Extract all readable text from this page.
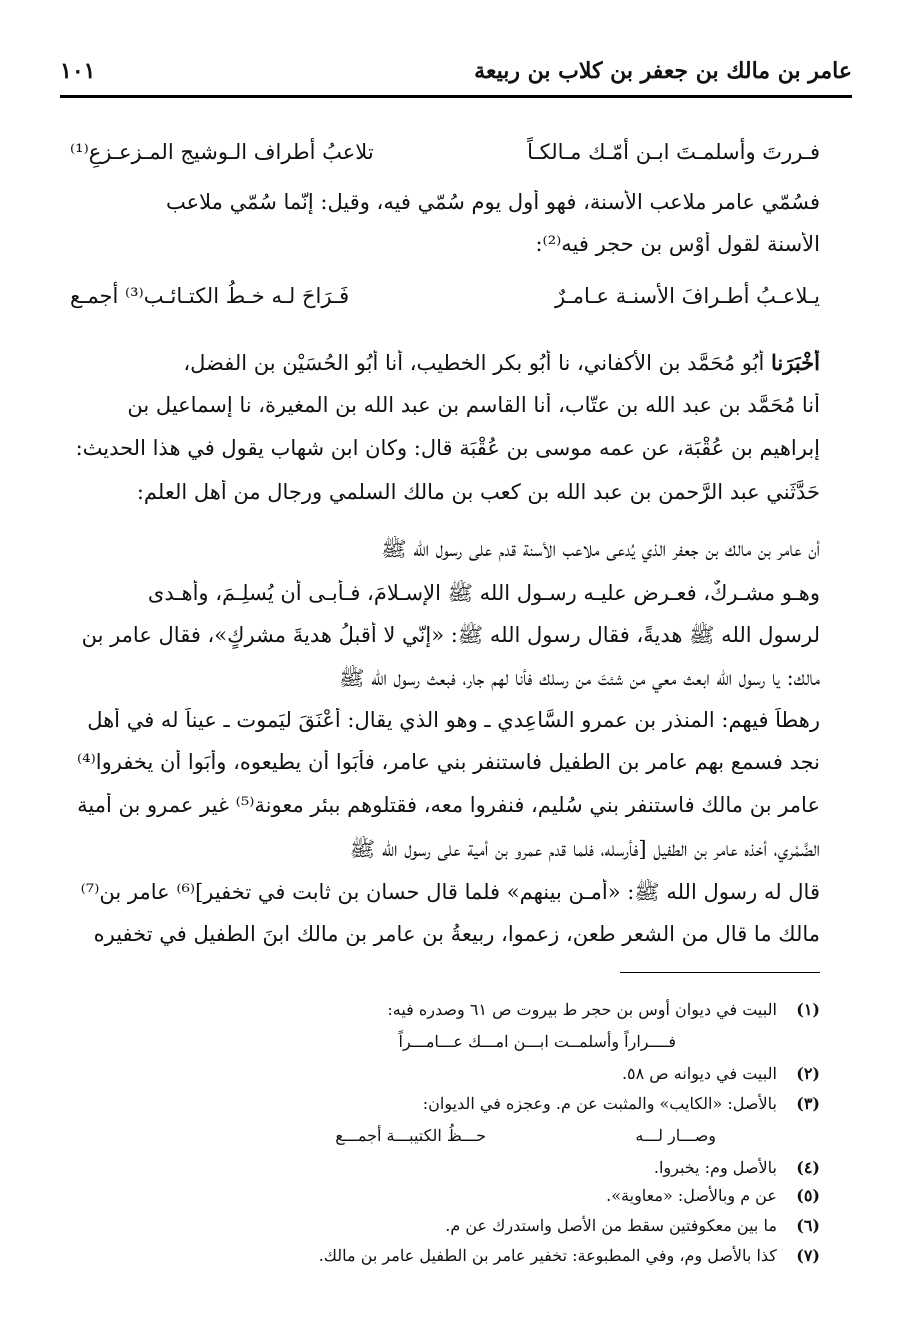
عامر بن مالك بن جعفر بن كلاب بن ربيعة
١٠١
فـررتَ وأسلمـتَ ابـن أمّـك مـالكـاً
تلاعبُ أطراف الـوشيج المـزعـزعِ⁽¹⁾
فسُمّي عامر ملاعب الأسنة، فهو أول يوم سُمّي فيه، وقيل: إنّما سُمّي ملاعب
الأسنة لقول أَوْس بن حجر فيه⁽²⁾:
يـلاعـبُ أطـرافَ الأسنـة عـامـرٌ
فَـرَاحَ لـه خـطُ الكتـائـب⁽³⁾ أجمـع
أَخْبَرَنا أَبُو مُحَمَّد بن الأكفاني، نا أَبُو بكر الخطيب، أنا أَبُو الحُسَيْن بن الفضل،
أنا مُحَمَّد بن عبد الله بن عتّاب، أنا القاسم بن عبد الله بن المغيرة، نا إسماعيل بن
إبراهيم بن عُقْبَة، عن عمه موسى بن عُقْبَة قال: وكان ابن شهاب يقول في هذا الحديث:
حَدَّثَني عبد الرَّحمن بن عبد الله بن كعب بن مالك السلمي ورجال من أهل العلم:
أن عامر بن مالك بن جعفر الذي يُدعى ملاعب الأسنة قدم على رسول الله ﷺ
وهـو مشـركٌ، فعـرض عليـه رسـول الله ﷺ الإسـلامَ، فـأبـى أن يُسلِـمَ، وأهـدى
لرسول الله ﷺ هديةً، فقال رسول الله ﷺ: «إنّي لا أقبلُ هديةَ مشركٍ»، فقال عامر بن
مالك: يا رسول الله ابعث معي من شئتَ من رسلك فأنا لهم جار، فبعث رسول الله ﷺ
رهطاً فيهم: المنذر بن عمرو السَّاعِدي ـ وهو الذي يقال: أَعْنَقَ ليَموت ـ عيناً له في أهل
نجد فسمع بهم عامر بن الطفيل فاستنفر بني عامر، فأَبَوا أن يطيعوه، وأَبَوا أن يخفروا⁽⁴⁾
عامر بن مالك فاستنفر بني سُليم، فنفروا معه، فقتلوهم ببئر معونة⁽⁵⁾ غير عمرو بن أمية
الضَّمْري، أخذه عامر بن الطفيل [فأرسله، فلما قدم عمرو بن أمية على رسول الله ﷺ
قال له رسول الله ﷺ: «أمـن بينهم» فلما قال حسان بن ثابت في تخفير]⁽⁶⁾ عامر بن⁽⁷⁾
مالك ما قال من الشعر طعن، زعموا، ربيعةُ بن عامر بن مالك ابنَ الطفيل في تخفيره
(١) البيت في ديوان أوس بن حجر ط بيروت ص ٦١ وصدره فيه:
فــــراراً وأسلمــت ابـــن امـــك عـــامـــراً
(٢) البيت في ديوانه ص ٥٨.
(٣) بالأصل: «الكايب» والمثبت عن م. وعجزه في الديوان:
وصـــار لـــه
حـــظُ الكتيبـــة أجمـــع
(٤) بالأصل وم: يخبروا.
(٥) عن م وبالأصل: «معاوية».
(٦) ما بين معكوفتين سقط من الأصل واستدرك عن م.
(٧) كذا بالأصل وم، وفي المطبوعة: تخفير عامر بن الطفيل عامر بن مالك.
